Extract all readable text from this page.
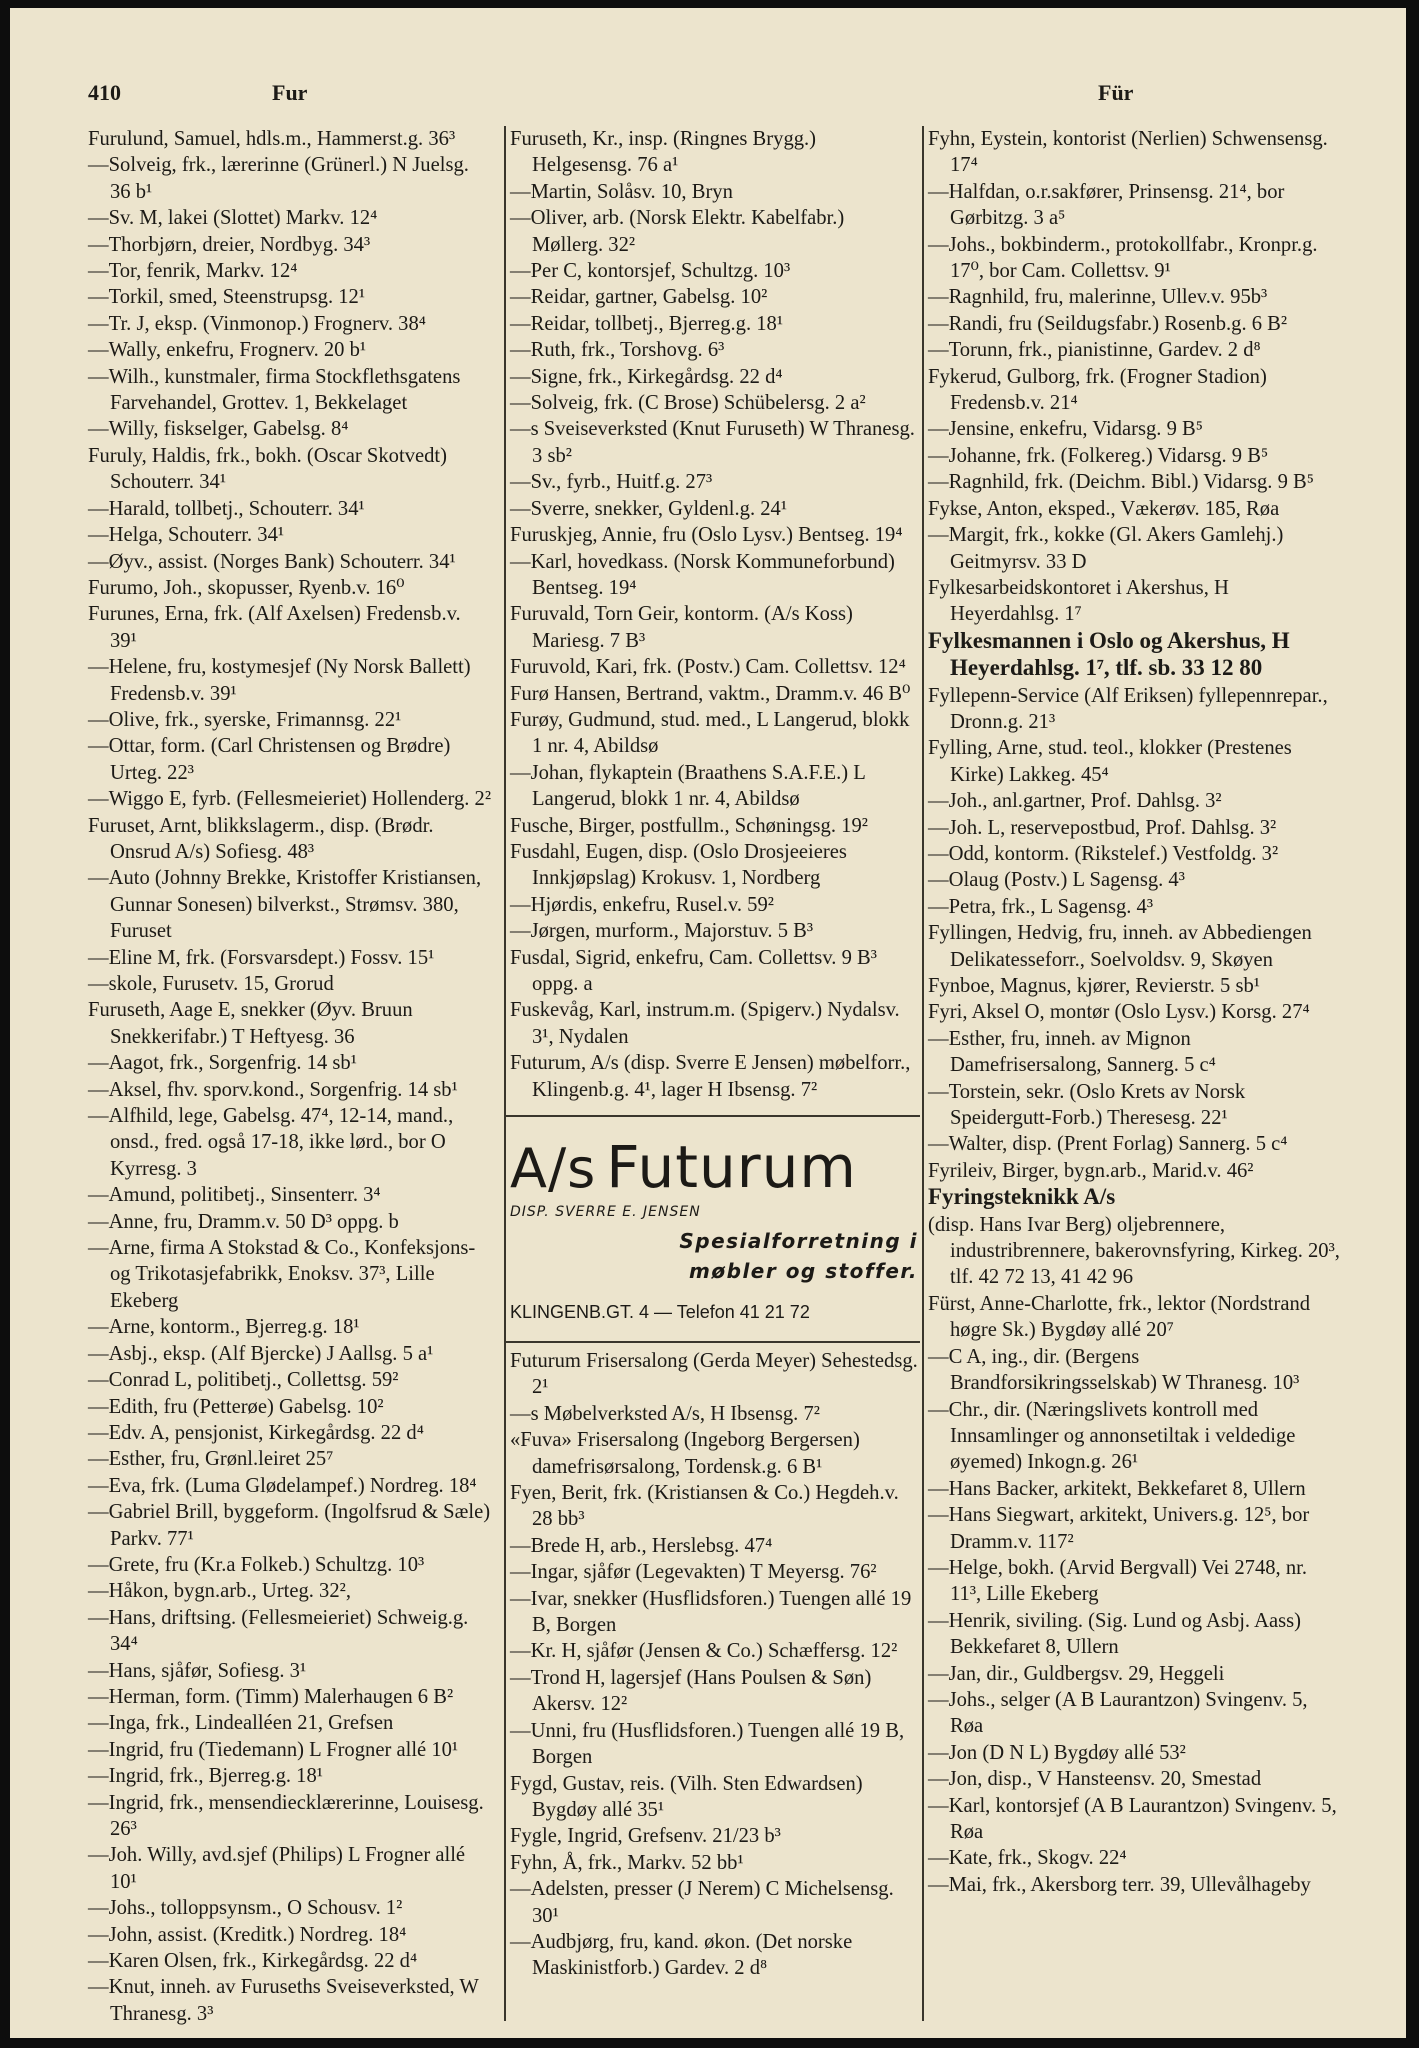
410	Fur	Für
Furulund, Samuel, hdls.m., Hammerst.g. 36³
—Solveig, frk., lærerinne (Grünerl.) N Juelsg. 36 b¹
—Sv. M, lakei (Slottet) Markv. 12⁴
—Thorbjørn, dreier, Nordbyg. 34³
—Tor, fenrik, Markv. 12⁴
—Torkil, smed, Steenstrupsg. 12¹
—Tr. J, eksp. (Vinmonop.) Frognerv. 38⁴
—Wally, enkefru, Frognerv. 20 b¹
—Wilh., kunstmaler, firma Stockflethsgatens Farvehandel, Grottev. 1, Bekkelaget
—Willy, fiskselger, Gabelsg. 8⁴
Furuly, Haldis, frk., bokh. (Oscar Skotvedt) Schouterr. 34¹
—Harald, tollbetj., Schouterr. 34¹
—Helga, Schouterr. 34¹
—Øyv., assist. (Norges Bank) Schouterr. 34¹
Furumo, Joh., skopusser, Ryenb.v. 16⁰
Furunes, Erna, frk. (Alf Axelsen) Fredensb.v. 39¹
—Helene, fru, kostymesjef (Ny Norsk Ballett) Fredensb.v. 39¹
—Olive, frk., syerske, Frimannsg. 22¹
—Ottar, form. (Carl Christensen og Brødre) Urteg. 22³
—Wiggo E, fyrb. (Fellesmeieriet) Hollenderg. 2²
Furuset, Arnt, blikkslagerm., disp. (Brødr. Onsrud A/s) Sofiesg. 48³
—Auto (Johnny Brekke, Kristoffer Kristiansen, Gunnar Sonesen) bilverkst., Strømsv. 380, Furuset
—Eline M, frk. (Forsvarsdept.) Fossv. 15¹
—skole, Furusetv. 15, Grorud
Furuseth, Aage E, snekker (Øyv. Bruun Snekkerifabr.) T Heftyesg. 36
—Aagot, frk., Sorgenfrig. 14 sb¹
—Aksel, fhv. sporv.kond., Sorgenfrig. 14 sb¹
—Alfhild, lege, Gabelsg. 47⁴, 12-14, mand., onsd., fred. også 17-18, ikke lørd., bor O Kyrresg. 3
—Amund, politibetj., Sinsenterr. 3⁴
—Anne, fru, Dramm.v. 50 D³ oppg. b
—Arne, firma A Stokstad & Co., Konfeksjons- og Trikotasjefabrikk, Enoksv. 37³, Lille Ekeberg
—Arne, kontorm., Bjerreg.g. 18¹
—Asbj., eksp. (Alf Bjercke) J Aallsg. 5 a¹
—Conrad L, politibetj., Collettsg. 59²
—Edith, fru (Petterøe) Gabelsg. 10²
—Edv. A, pensjonist, Kirkegårdsg. 22 d⁴
—Esther, fru, Grønl.leiret 25⁷
—Eva, frk. (Luma Glødelampef.) Nordreg. 18⁴
—Gabriel Brill, byggeform. (Ingolfsrud & Sæle) Parkv. 77¹
—Grete, fru (Kr.a Folkeb.) Schultzg. 10³
—Håkon, bygn.arb., Urteg. 32²,
—Hans, driftsing. (Fellesmeieriet) Schweig.g. 34⁴
—Hans, sjåfør, Sofiesg. 3¹
—Herman, form. (Timm) Malerhaugen 6 B²
—Inga, frk., Lindealléen 21, Grefsen
—Ingrid, fru (Tiedemann) L Frogner allé 10¹
—Ingrid, frk., Bjerreg.g. 18¹
—Ingrid, frk., mensendiecklærerinne, Louisesg. 26³
—Joh. Willy, avd.sjef (Philips) L Frogner allé 10¹
—Johs., tolloppsynsm., O Schousv. 1²
—John, assist. (Kreditk.) Nordreg. 18⁴
—Karen Olsen, frk., Kirkegårdsg. 22 d⁴
—Knut, inneh. av Furuseths Sveiseverksted, W Thranesg. 3³
Furuseth, Kr., insp. (Ringnes Brygg.) Helgesensg. 76 a¹
—Martin, Solåsv. 10, Bryn
—Oliver, arb. (Norsk Elektr. Kabelfabr.) Møllerg. 32²
—Per C, kontorsjef, Schultzg. 10³
—Reidar, gartner, Gabelsg. 10²
—Reidar, tollbetj., Bjerreg.g. 18¹
—Ruth, frk., Torshovg. 6³
—Signe, frk., Kirkegårdsg. 22 d⁴
—Solveig, frk. (C Brose) Schübelersg. 2 a²
—s Sveiseverksted (Knut Furuseth) W Thranesg. 3 sb²
—Sv., fyrb., Huitf.g. 27³
—Sverre, snekker, Gyldenl.g. 24¹
Furuskjeg, Annie, fru (Oslo Lysv.) Bentseg. 19⁴
—Karl, hovedkass. (Norsk Kommuneforbund) Bentseg. 19⁴
Furuvald, Torn Geir, kontorm. (A/s Koss) Mariesg. 7 B³
Furuvold, Kari, frk. (Postv.) Cam. Collettsv. 12⁴
Furø Hansen, Bertrand, vaktm., Dramm.v. 46 B⁰
Furøy, Gudmund, stud. med., L Langerud, blokk 1 nr. 4, Abildsø
—Johan, flykaptein (Braathens S.A.F.E.) L Langerud, blokk 1 nr. 4, Abildsø
Fusche, Birger, postfullm., Schøningsg. 19²
Fusdahl, Eugen, disp. (Oslo Drosjeeieres Innkjøpslag) Krokusv. 1, Nordberg
—Hjørdis, enkefru, Rusel.v. 59²
—Jørgen, murform., Majorstuv. 5 B³
Fusdal, Sigrid, enkefru, Cam. Collettsv. 9 B³ oppg. a
Fuskevåg, Karl, instrum.m. (Spigerv.) Nydalsv. 3¹, Nydalen
Futurum, A/s (disp. Sverre E Jensen) møbelforr., Klingenb.g. 4¹, lager H Ibsensg. 7²
A/s Futurum
DISP. SVERRE E. JENSEN
Spesialforretning i
møbler og stoffer.
KLINGENB.GT. 4 — Telefon 41 21 72
Futurum Frisersalong (Gerda Meyer) Sehestedsg. 2¹
—s Møbelverksted A/s, H Ibsensg. 7²
«Fuva» Frisersalong (Ingeborg Bergersen) damefrisørsalong, Tordensk.g. 6 B¹
Fyen, Berit, frk. (Kristiansen & Co.) Hegdeh.v. 28 bb³
—Brede H, arb., Herslebsg. 47⁴
—Ingar, sjåfør (Legevakten) T Meyersg. 76²
—Ivar, snekker (Husflidsforen.) Tuengen allé 19 B, Borgen
—Kr. H, sjåfør (Jensen & Co.) Schæffersg. 12²
—Trond H, lagersjef (Hans Poulsen & Søn) Akersv. 12²
—Unni, fru (Husflidsforen.) Tuengen allé 19 B, Borgen
Fygd, Gustav, reis. (Vilh. Sten Edwardsen) Bygdøy allé 35¹
Fygle, Ingrid, Grefsenv. 21/23 b³
Fyhn, Å, frk., Markv. 52 bb¹
—Adelsten, presser (J Nerem) C Michelsensg. 30¹
—Audbjørg, fru, kand. økon. (Det norske Maskinistforb.) Gardev. 2 d⁸
Fyhn, Eystein, kontorist (Nerlien) Schwensensg. 17⁴
—Halfdan, o.r.sakfører, Prinsensg. 21⁴, bor Gørbitzg. 3 a⁵
—Johs., bokbinderm., protokollfabr., Kronpr.g. 17⁰, bor Cam. Collettsv. 9¹
—Ragnhild, fru, malerinne, Ullev.v. 95b³
—Randi, fru (Seildugsfabr.) Rosenb.g. 6 B²
—Torunn, frk., pianistinne, Gardev. 2 d⁸
Fykerud, Gulborg, frk. (Frogner Stadion) Fredensb.v. 21⁴
—Jensine, enkefru, Vidarsg. 9 B⁵
—Johanne, frk. (Folkereg.) Vidarsg. 9 B⁵
—Ragnhild, frk. (Deichm. Bibl.) Vidarsg. 9 B⁵
Fykse, Anton, eksped., Vækerøv. 185, Røa
—Margit, frk., kokke (Gl. Akers Gamlehj.) Geitmyrsv. 33 D
Fylkesarbeidskontoret i Akershus, H Heyerdahlsg. 1⁷
Fylkesmannen i Oslo og Akershus, H Heyerdahlsg. 1⁷, tlf. sb. 33 12 80
Fyllepenn-Service (Alf Eriksen) fyllepennrepar., Dronn.g. 21³
Fylling, Arne, stud. teol., klokker (Prestenes Kirke) Lakkeg. 45⁴
—Joh., anl.gartner, Prof. Dahlsg. 3²
—Joh. L, reservepostbud, Prof. Dahlsg. 3²
—Odd, kontorm. (Rikstelef.) Vestfoldg. 3²
—Olaug (Postv.) L Sagensg. 4³
—Petra, frk., L Sagensg. 4³
Fyllingen, Hedvig, fru, inneh. av Abbediengen Delikatesseforr., Soelvoldsv. 9, Skøyen
Fynboe, Magnus, kjører, Revierstr. 5 sb¹
Fyri, Aksel O, montør (Oslo Lysv.) Korsg. 27⁴
—Esther, fru, inneh. av Mignon Damefrisersalong, Sannerg. 5 c⁴
—Torstein, sekr. (Oslo Krets av Norsk Speidergutt-Forb.) Theresesg. 22¹
—Walter, disp. (Prent Forlag) Sannerg. 5 c⁴
Fyrileiv, Birger, bygn.arb., Marid.v. 46²
Fyringsteknikk A/s
(disp. Hans Ivar Berg) oljebrennere, industribrennere, bakerovnsfyring, Kirkeg. 20³, tlf. 42 72 13, 41 42 96
Fürst, Anne-Charlotte, frk., lektor (Nordstrand høgre Sk.) Bygdøy allé 20⁷
—C A, ing., dir. (Bergens Brandforsikringsselskab) W Thranesg. 10³
—Chr., dir. (Næringslivets kontroll med Innsamlinger og annonsetiltak i veldedige øyemed) Inkogn.g. 26¹
—Hans Backer, arkitekt, Bekkefaret 8, Ullern
—Hans Siegwart, arkitekt, Univers.g. 12⁵, bor Dramm.v. 117²
—Helge, bokh. (Arvid Bergvall) Vei 2748, nr. 11³, Lille Ekeberg
—Henrik, siviling. (Sig. Lund og Asbj. Aass) Bekkefaret 8, Ullern
—Jan, dir., Guldbergsv. 29, Heggeli
—Johs., selger (A B Laurantzon) Svingenv. 5, Røa
—Jon (D N L) Bygdøy allé 53²
—Jon, disp., V Hansteensv. 20, Smestad
—Karl, kontorsjef (A B Laurantzon) Svingenv. 5, Røa
—Kate, frk., Skogv. 22⁴
—Mai, frk., Akersborg terr. 39, Ullevålhageby
